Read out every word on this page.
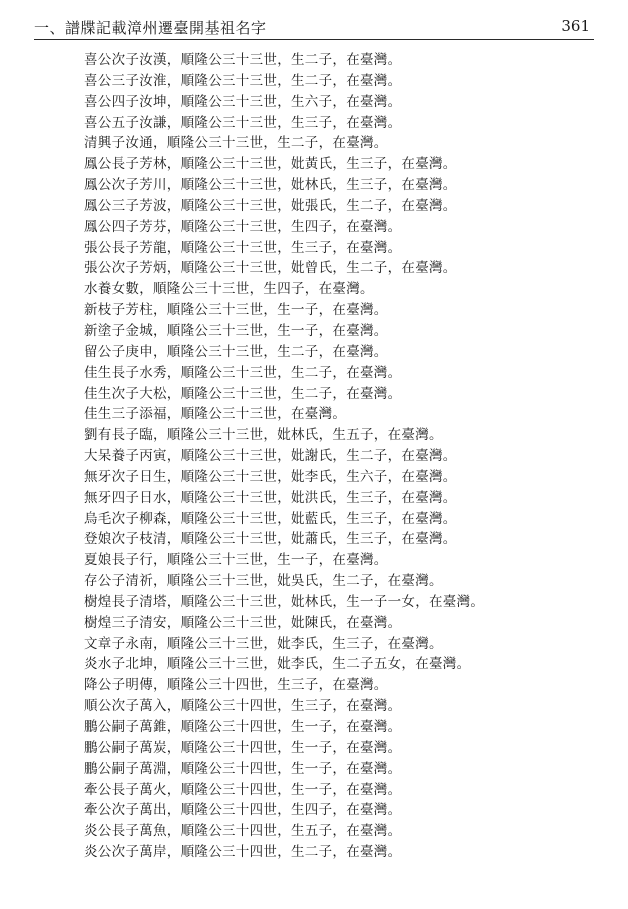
一、譜牒記載漳州遷臺開基祖名字	361
喜公次子汝漢，順隆公三十三世，生二子，在臺灣。
喜公三子汝淮，順隆公三十三世，生二子，在臺灣。
喜公四子汝坤，順隆公三十三世，生六子，在臺灣。
喜公五子汝謙，順隆公三十三世，生三子，在臺灣。
清興子汝通，順隆公三十三世，生二子，在臺灣。
鳳公長子芳林，順隆公三十三世，妣黃氏，生三子，在臺灣。
鳳公次子芳川，順隆公三十三世，妣林氏，生三子，在臺灣。
鳳公三子芳波，順隆公三十三世，妣張氏，生二子，在臺灣。
鳳公四子芳芬，順隆公三十三世，生四子，在臺灣。
張公長子芳龍，順隆公三十三世，生三子，在臺灣。
張公次子芳炳，順隆公三十三世，妣曾氏，生二子，在臺灣。
水養女數，順隆公三十三世，生四子，在臺灣。
新枝子芳柱，順隆公三十三世，生一子，在臺灣。
新塗子金城，順隆公三十三世，生一子，在臺灣。
留公子庚申，順隆公三十三世，生二子，在臺灣。
佳生長子水秀，順隆公三十三世，生二子，在臺灣。
佳生次子大松，順隆公三十三世，生二子，在臺灣。
佳生三子添福，順隆公三十三世，在臺灣。
劉有長子臨，順隆公三十三世，妣林氏，生五子，在臺灣。
大呆養子丙寅，順隆公三十三世，妣謝氏，生二子，在臺灣。
無牙次子日生，順隆公三十三世，妣李氏，生六子，在臺灣。
無牙四子日水，順隆公三十三世，妣洪氏，生三子，在臺灣。
烏毛次子柳森，順隆公三十三世，妣藍氏，生三子，在臺灣。
登娘次子枝清，順隆公三十三世，妣蕭氏，生三子，在臺灣。
夏娘長子行，順隆公三十三世，生一子，在臺灣。
存公子清祈，順隆公三十三世，妣吳氏，生二子，在臺灣。
樹煌長子清塔，順隆公三十三世，妣林氏，生一子一女，在臺灣。
樹煌三子清安，順隆公三十三世，妣陳氏，在臺灣。
文章子永南，順隆公三十三世，妣李氏，生三子，在臺灣。
炎水子北坤，順隆公三十三世，妣李氏，生二子五女，在臺灣。
降公子明傳，順隆公三十四世，生三子，在臺灣。
順公次子萬入，順隆公三十四世，生三子，在臺灣。
鵬公嗣子萬錐，順隆公三十四世，生一子，在臺灣。
鵬公嗣子萬炭，順隆公三十四世，生一子，在臺灣。
鵬公嗣子萬淵，順隆公三十四世，生一子，在臺灣。
牽公長子萬火，順隆公三十四世，生一子，在臺灣。
牽公次子萬出，順隆公三十四世，生四子，在臺灣。
炎公長子萬魚，順隆公三十四世，生五子，在臺灣。
炎公次子萬岸，順隆公三十四世，生二子，在臺灣。
